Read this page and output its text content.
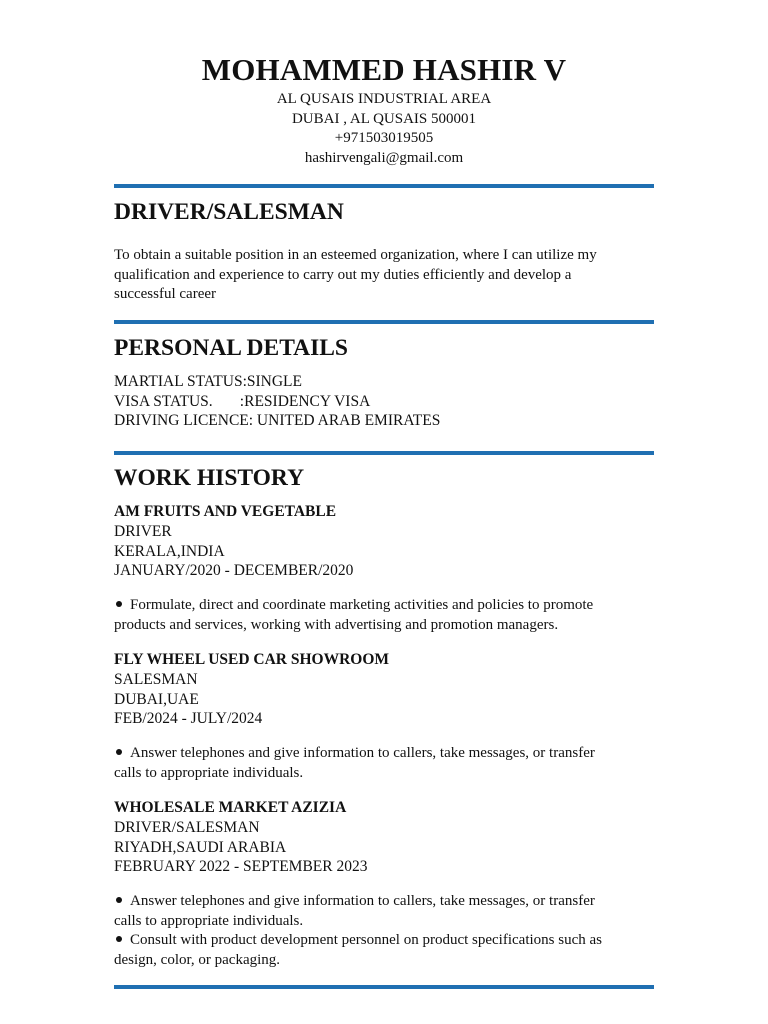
MOHAMMED HASHIR V
AL QUSAIS INDUSTRIAL AREA
DUBAI , AL QUSAIS 500001
+971503019505
hashirvengali@gmail.com
DRIVER/SALESMAN
To obtain a suitable position in an esteemed organization, where I can utilize my
qualification and experience to carry out my duties efficiently and develop a
successful career
PERSONAL DETAILS
MARTIAL STATUS:SINGLE
VISA STATUS.       :RESIDENCY VISA
DRIVING LICENCE: UNITED ARAB EMIRATES
WORK HISTORY
AM FRUITS AND VEGETABLE
DRIVER
KERALA,INDIA
JANUARY/2020 - DECEMBER/2020
Formulate, direct and coordinate marketing activities and policies to promote
products and services, working with advertising and promotion managers.
FLY WHEEL USED CAR SHOWROOM
SALESMAN
DUBAI,UAE
FEB/2024 - JULY/2024
Answer telephones and give information to callers, take messages, or transfer
calls to appropriate individuals.
WHOLESALE MARKET AZIZIA
DRIVER/SALESMAN
RIYADH,SAUDI ARABIA
FEBRUARY 2022 - SEPTEMBER 2023
Answer telephones and give information to callers, take messages, or transfer
calls to appropriate individuals.
Consult with product development personnel on product specifications such as
design, color, or packaging.
